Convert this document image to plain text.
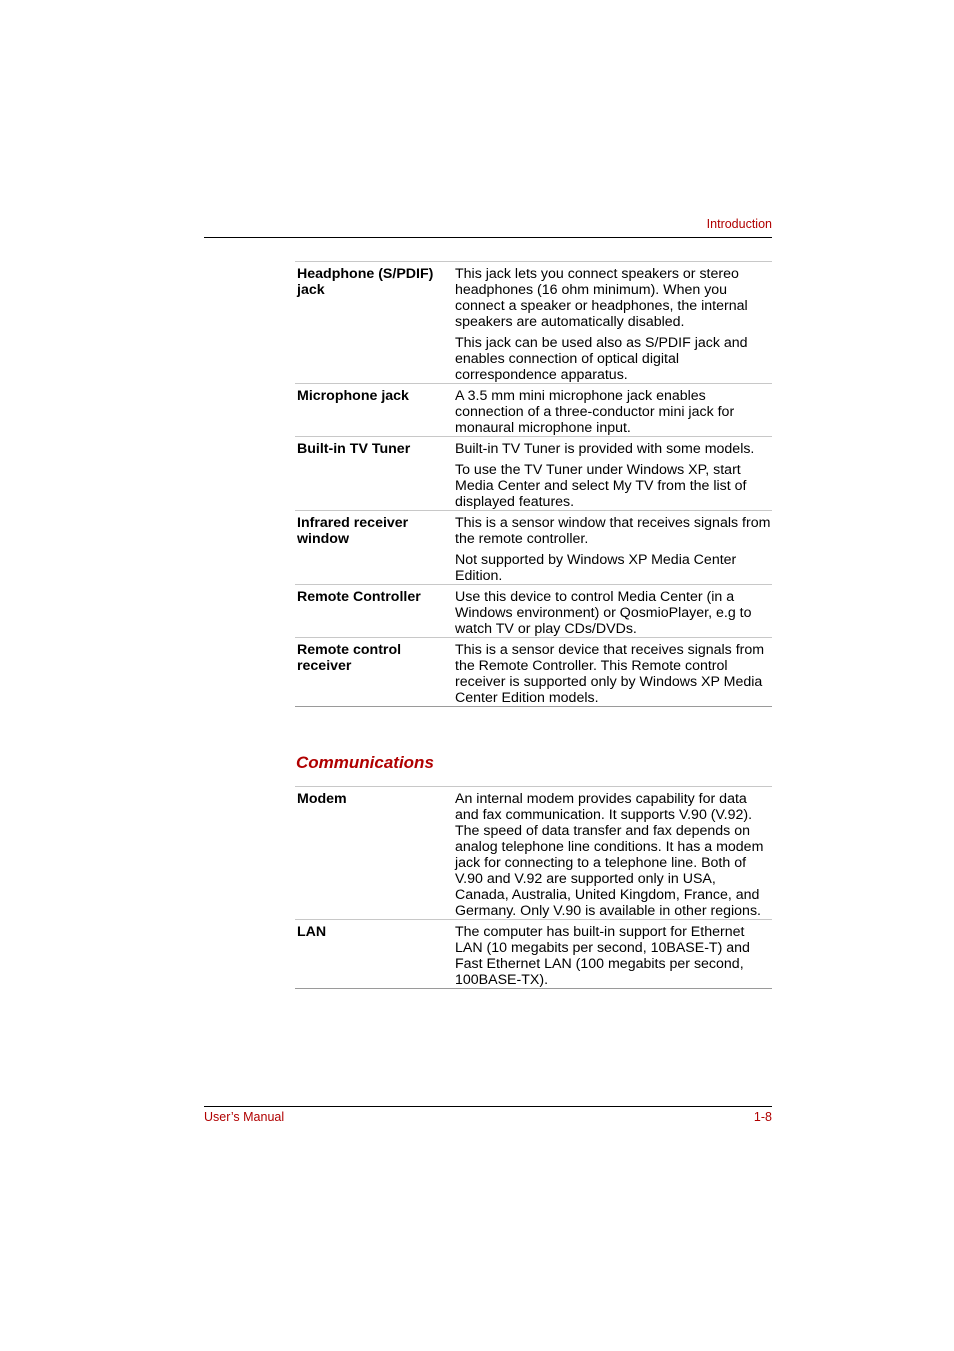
Introduction
Headphone (S/PDIF) jack	This jack lets you connect speakers or stereo headphones (16 ohm minimum). When you connect a speaker or headphones, the internal speakers are automatically disabled.

This jack can be used also as S/PDIF jack and enables connection of optical digital correspondence apparatus.

Microphone jack	A 3.5 mm mini microphone jack enables connection of a three-conductor mini jack for monaural microphone input.

Built-in TV Tuner	Built-in TV Tuner is provided with some models.

To use the TV Tuner under Windows XP, start Media Center and select My TV from the list of displayed features.

Infrared receiver window	This is a sensor window that receives signals from the remote controller.

Not supported by Windows XP Media Center Edition.

Remote Controller	Use this device to control Media Center (in a Windows environment) or QosmioPlayer, e.g to watch TV or play CDs/DVDs.

Remote control receiver	This is a sensor device that receives signals from the Remote Controller. This Remote control receiver is supported only by Windows XP Media Center Edition models.

Communications
Modem	An internal modem provides capability for data and fax communication. It supports V.90 (V.92). The speed of data transfer and fax depends on analog telephone line conditions. It has a modem jack for connecting to a telephone line. Both of V.90 and V.92 are supported only in USA, Canada, Australia, United Kingdom, France, and Germany. Only V.90 is available in other regions.

LAN	The computer has built-in support for Ethernet LAN (10 megabits per second, 10BASE-T) and Fast Ethernet LAN (100 megabits per second, 100BASE-TX).

User’s Manual	1-8
